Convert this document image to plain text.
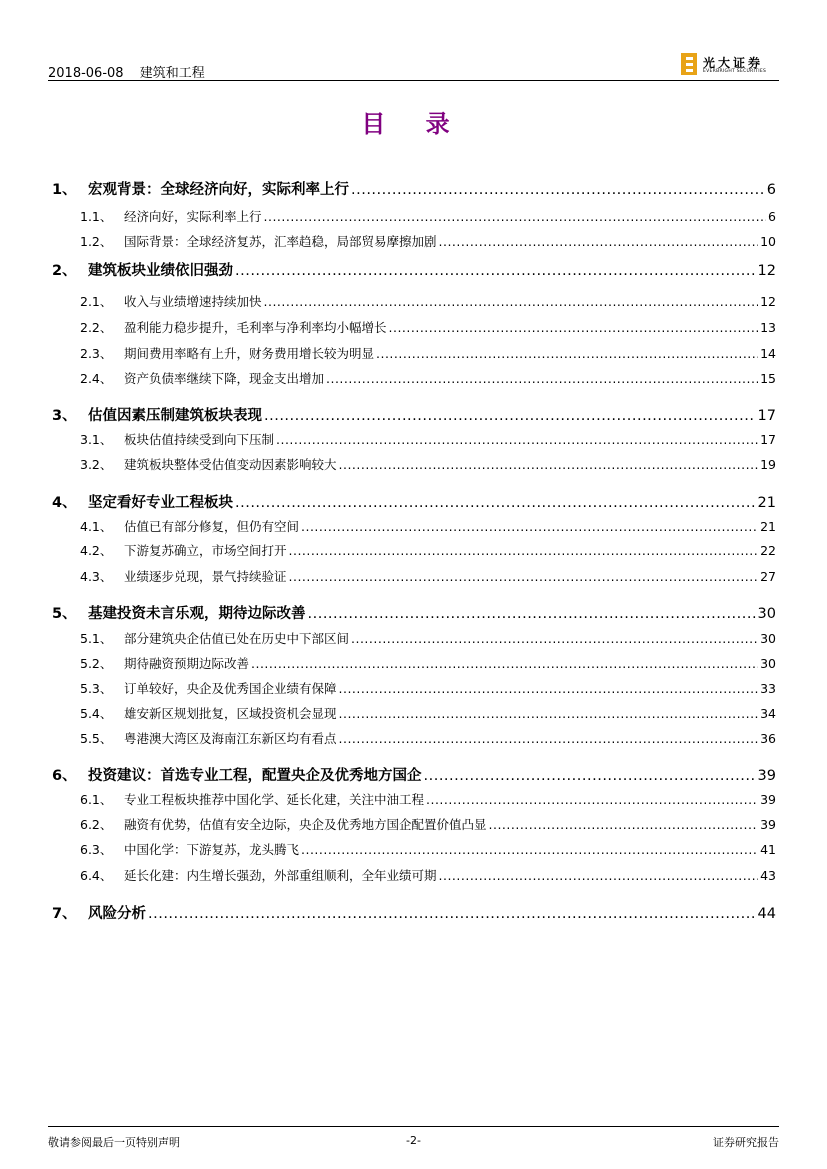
2018-06-08 建筑和工程
光大证券
EVERBRIGHT SECURITIES
目 录
1、 宏观背景：全球经济向好，实际利率上行 .....	6
1.1、 经济向好，实际利率上行 .....	6
1.2、 国际背景：全球经济复苏，汇率趋稳，局部贸易摩擦加剧 .....	10
2、 建筑板块业绩依旧强劲 .....	12
2.1、 收入与业绩增速持续加快 .....	12
2.2、 盈利能力稳步提升，毛利率与净利率均小幅增长 .....	13
2.3、 期间费用率略有上升，财务费用增长较为明显 .....	14
2.4、 资产负债率继续下降，现金支出增加 .....	15
3、 估值因素压制建筑板块表现 .....	17
3.1、 板块估值持续受到向下压制 .....	17
3.2、 建筑板块整体受估值变动因素影响较大 .....	19
4、 坚定看好专业工程板块 .....	21
4.1、 估值已有部分修复，但仍有空间 .....	21
4.2、 下游复苏确立，市场空间打开 .....	22
4.3、 业绩逐步兑现，景气持续验证 .....	27
5、 基建投资未言乐观，期待边际改善 .....	30
5.1、 部分建筑央企估值已处在历史中下部区间 .....	30
5.2、 期待融资预期边际改善 .....	30
5.3、 订单较好，央企及优秀国企业绩有保障 .....	33
5.4、 雄安新区规划批复，区域投资机会显现 .....	34
5.5、 粤港澳大湾区及海南江东新区均有看点 .....	36
6、 投资建议：首选专业工程，配置央企及优秀地方国企 .....	39
6.1、 专业工程板块推荐中国化学、延长化建，关注中油工程 .....	39
6.2、 融资有优势，估值有安全边际，央企及优秀地方国企配置价值凸显 .....	39
6.3、 中国化学：下游复苏，龙头腾飞 .....	41
6.4、 延长化建：内生增长强劲，外部重组顺利，全年业绩可期 .....	43
7、 风险分析 .....	44
敬请参阅最后一页特别声明	-2-	证券研究报告
